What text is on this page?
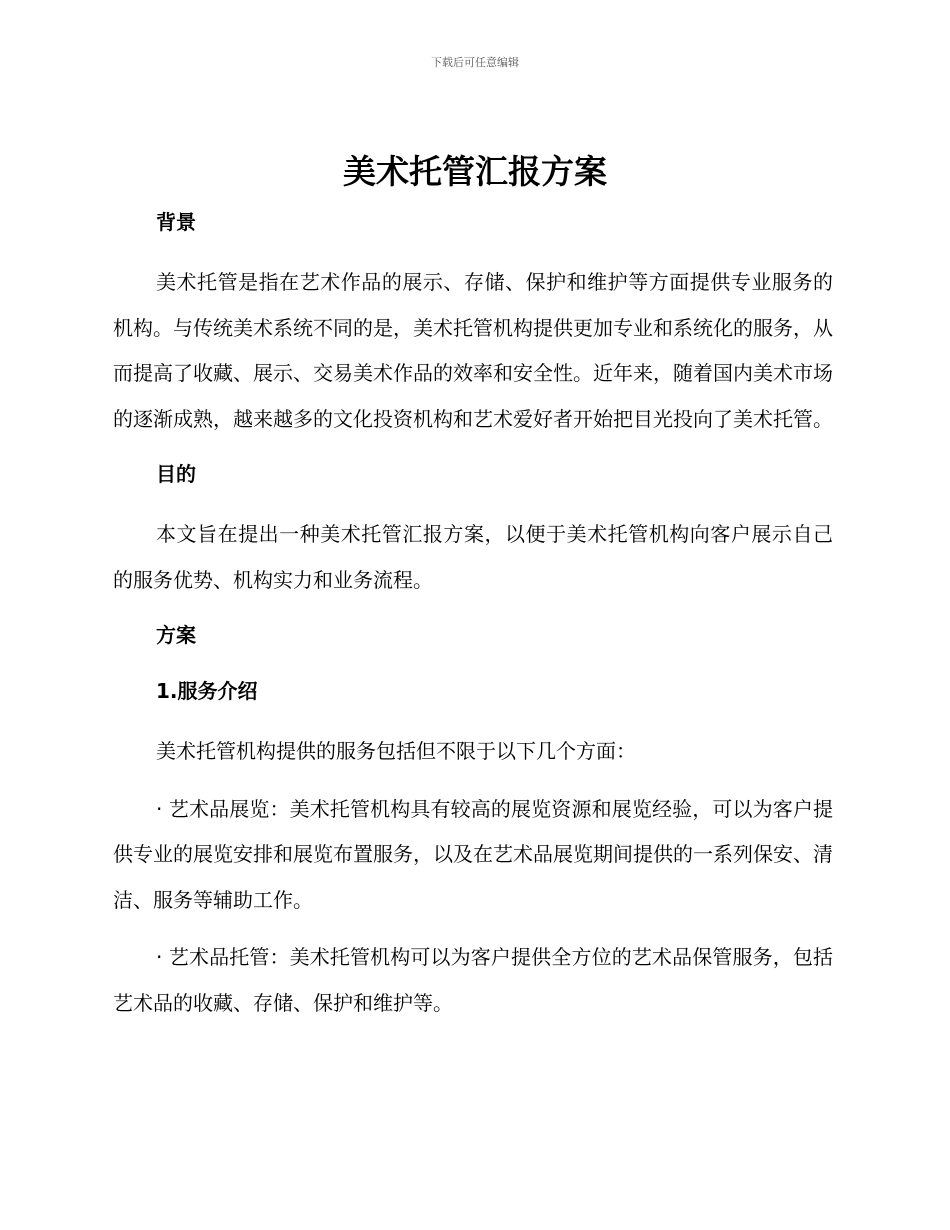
下载后可任意编辑
美术托管汇报方案
背景

美术托管是指在艺术作品的展示、存储、保护和维护等方面提供专业服务的机构。与传统美术系统不同的是，美术托管机构提供更加专业和系统化的服务，从而提高了收藏、展示、交易美术作品的效率和安全性。近年来，随着国内美术市场的逐渐成熟，越来越多的文化投资机构和艺术爱好者开始把目光投向了美术托管。

目的

本文旨在提出一种美术托管汇报方案，以便于美术托管机构向客户展示自己的服务优势、机构实力和业务流程。

方案
1.服务介绍

美术托管机构提供的服务包括但不限于以下几个方面：

· 艺术品展览：美术托管机构具有较高的展览资源和展览经验，可以为客户提供专业的展览安排和展览布置服务，以及在艺术品展览期间提供的一系列保安、清洁、服务等辅助工作。

· 艺术品托管：美术托管机构可以为客户提供全方位的艺术品保管服务，包括艺术品的收藏、存储、保护和维护等。
